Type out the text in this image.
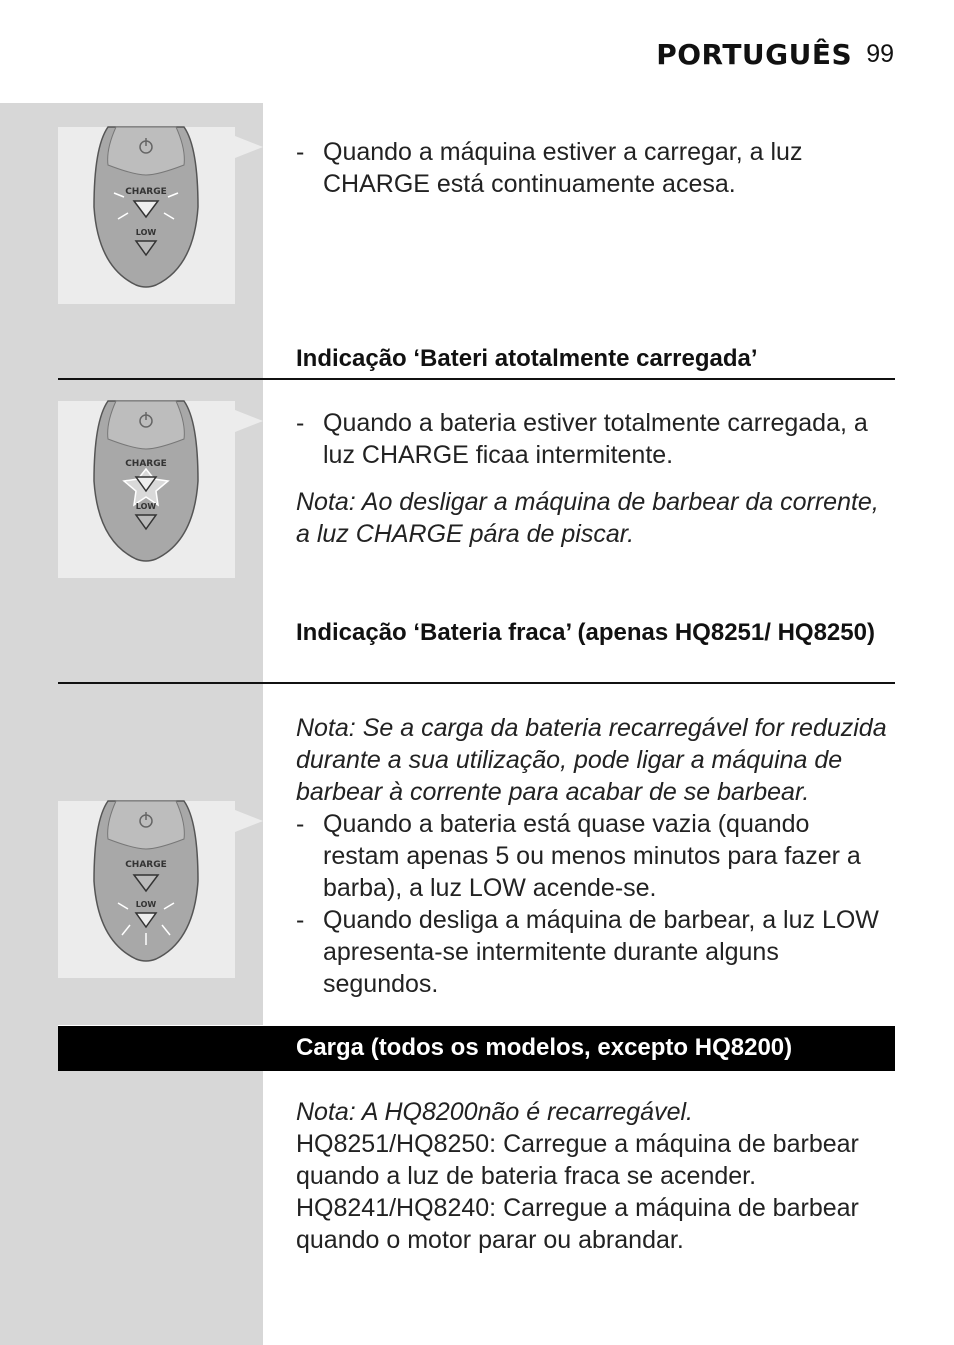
PORTUGUÊS 99
CHARGE
LOW
- Quando a máquina estiver a carregar, a luz CHARGE está continuamente acesa.
Indicação ‘Bateri atotalmente carregada’
CHARGE
LOW
- Quando a bateria estiver totalmente carregada, a luz CHARGE ficaa intermitente.
Nota: Ao desligar a máquina de barbear da corrente, a luz CHARGE pára de piscar.
Indicação ‘Bateria fraca’ (apenas HQ8251/ HQ8250)
CHARGE
LOW
Nota: Se a carga da bateria recarregável for reduzida durante a sua utilização, pode ligar a máquina de barbear à corrente para acabar de se barbear.
- Quando a bateria está quase vazia (quando restam apenas 5 ou menos minutos para fazer a barba), a luz LOW acende-se.
- Quando desliga a máquina de barbear, a luz LOW apresenta-se intermitente durante alguns segundos.
Carga (todos os modelos, excepto HQ8200)
Nota: A HQ8200não é recarregável.
HQ8251/HQ8250: Carregue a máquina de barbear quando a luz de bateria fraca se acender.
HQ8241/HQ8240: Carregue a máquina de barbear quando o motor parar ou abrandar.
